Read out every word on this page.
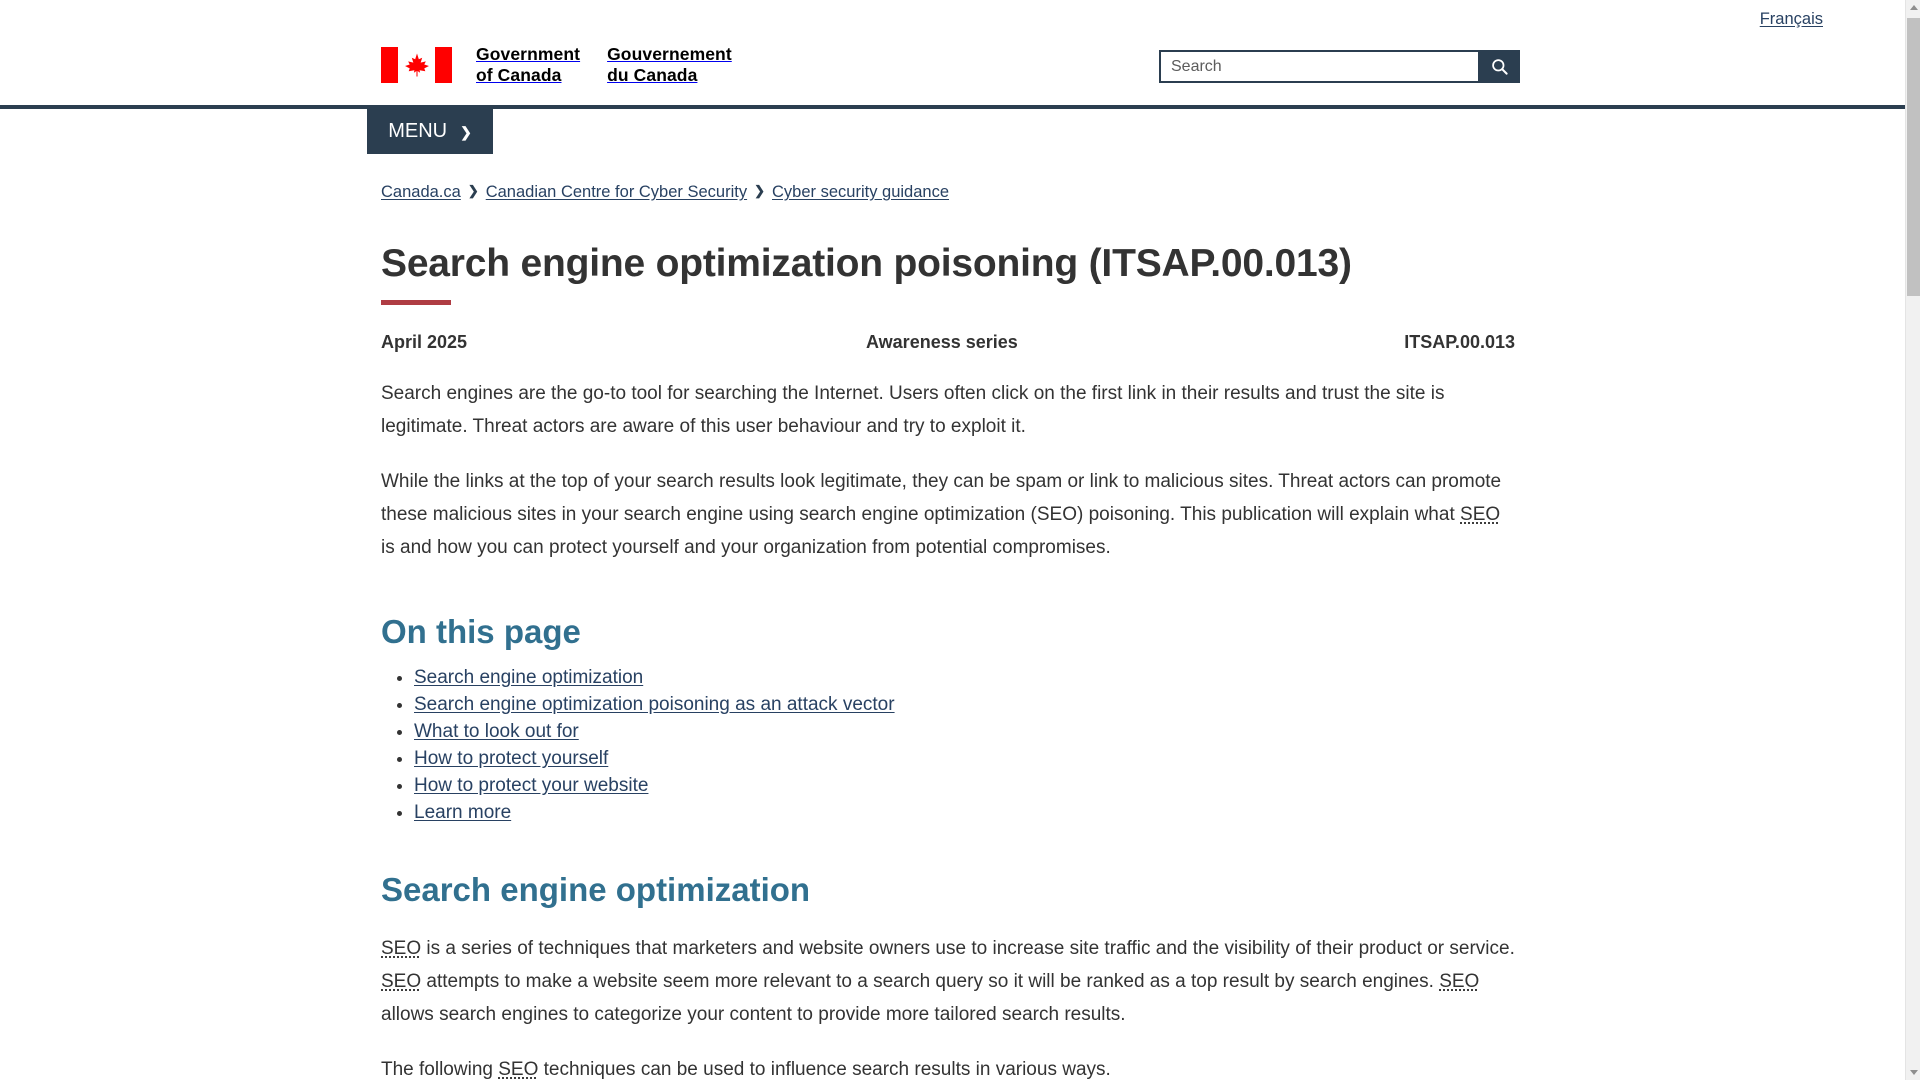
Français
Government
of Canada
Gouvernement
du Canada
Search
MENU ❯
Canada.ca ❯ Canadian Centre for Cyber Security ❯ Cyber security guidance
Search engine optimization poisoning (ITSAP.00.013)
April 2025	Awareness series	ITSAP.00.013

Search engines are the go-to tool for searching the Internet. Users often click on the first link in their results and trust the site is legitimate. Threat actors are aware of this user behaviour and try to exploit it.

While the links at the top of your search results look legitimate, they can be spam or link to malicious sites. Threat actors can promote these malicious sites in your search engine using search engine optimization (SEO) poisoning. This publication will explain what SEO is and how you can protect yourself and your organization from potential compromises.

On this page
• Search engine optimization
• Search engine optimization poisoning as an attack vector
• What to look out for
• How to protect yourself
• How to protect your website
• Learn more
Search engine optimization

SEO is a series of techniques that marketers and website owners use to increase site traffic and the visibility of their product or service. SEO attempts to make a website seem more relevant to a search query so it will be ranked as a top result by search engines. SEO allows search engines to categorize your content to provide more tailored search results.

The following SEO techniques can be used to influence search results in various ways.
